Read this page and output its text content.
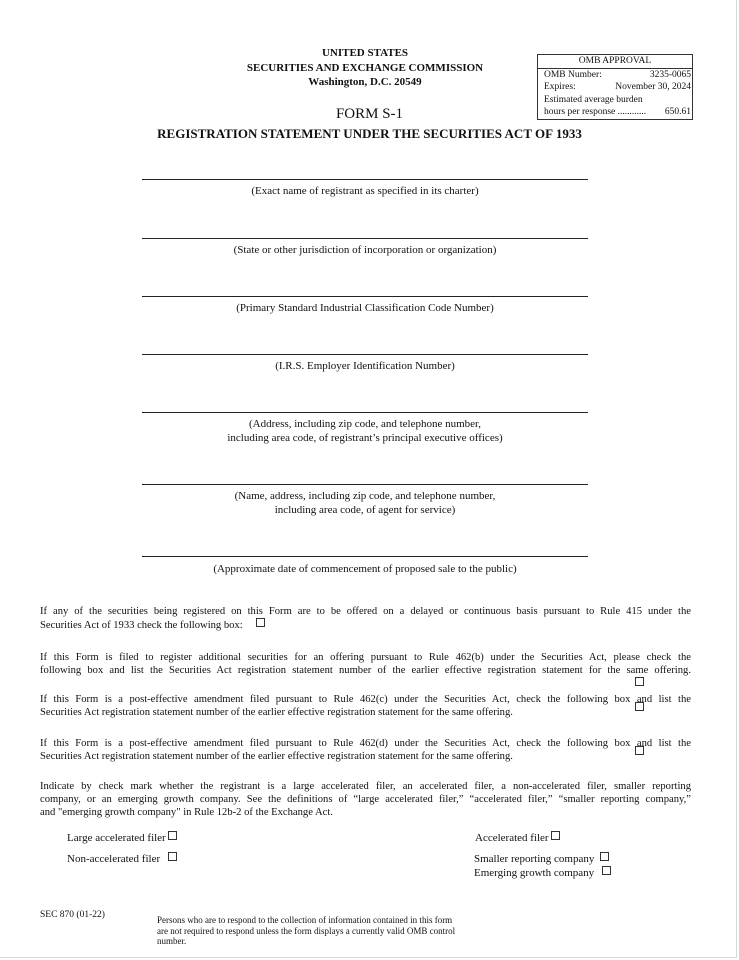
UNITED STATES
SECURITIES AND EXCHANGE COMMISSION
Washington, D.C. 20549
OMB APPROVAL
OMB Number:	3235-0065
Expires:	November 30, 2024
Estimated average burden
hours per response ............ 650.61
FORM S-1
REGISTRATION STATEMENT UNDER THE SECURITIES ACT OF 1933
(Exact name of registrant as specified in its charter)
(State or other jurisdiction of incorporation or organization)
(Primary Standard Industrial Classification Code Number)
(I.R.S. Employer Identification Number)
(Address, including zip code, and telephone number,
including area code, of registrant’s principal executive offices)
(Name, address, including zip code, and telephone number,
including area code, of agent for service)
(Approximate date of commencement of proposed sale to the public)
If any of the securities being registered on this Form are to be offered on a delayed or continuous basis pursuant to Rule 415 under the
Securities Act of 1933 check the following box:
If this Form is filed to register additional securities for an offering pursuant to Rule 462(b) under the Securities Act, please check the
following box and list the Securities Act registration statement number of the earlier effective registration statement for the same offering.
If this Form is a post-effective amendment filed pursuant to Rule 462(c) under the Securities Act, check the following box and list the
Securities Act registration statement number of the earlier effective registration statement for the same offering.
If this Form is a post-effective amendment filed pursuant to Rule 462(d) under the Securities Act, check the following box and list the
Securities Act registration statement number of the earlier effective registration statement for the same offering.
Indicate by check mark whether the registrant is a large accelerated filer, an accelerated filer, a non-accelerated filer, smaller reporting
company, or an emerging growth company. See the definitions of “large accelerated filer,” “accelerated filer,” “smaller reporting company,”
and "emerging growth company" in Rule 12b-2 of the Exchange Act.
Large accelerated filer	Accelerated filer
Non-accelerated filer	Smaller reporting company
Emerging growth company
SEC 870 (01-22)	Persons who are to respond to the collection of information contained in this form
are not required to respond unless the form displays a currently valid OMB control
number.
